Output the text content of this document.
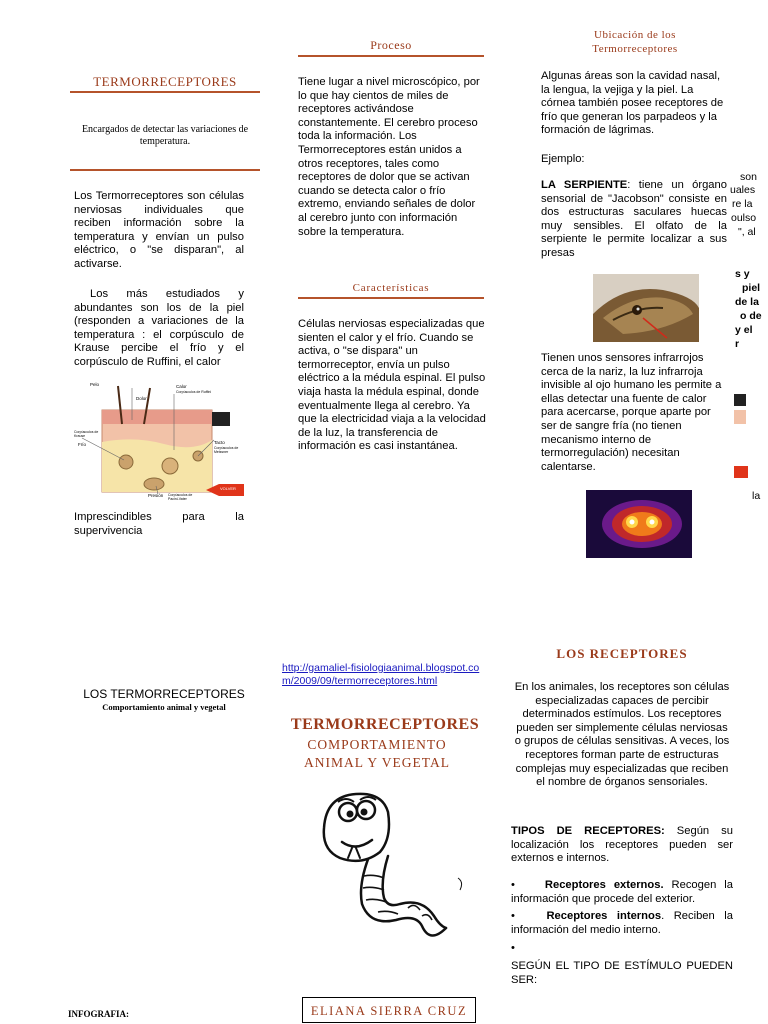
TERMORRECEPTORES
Encargados de detectar las variaciones de temperatura.
Los Termorreceptores son células nerviosas individuales que reciben información sobre la temperatura y envían un pulso eléctrico, o "se disparan", al activarse.
Los más estudiados y abundantes son los de la piel (responden a variaciones de la temperatura : el corpúsculo de Krause percibe el frío y el corpúsculo de Ruffini, el calor
Pelo
Dolor
Calor
Corpúsculos de Ruffini
Frío
Corpúsculos de Krause
Tacto
Corpúsculos de Meissner
Presión Corpúsculos de Pacini-Vater
VOLVER
Imprescindibles para la supervivencia
Proceso
Tiene lugar a nivel microscópico, por lo que hay cientos de miles de receptores activándose constantemente. El cerebro proceso toda la información. Los Termorreceptores están unidos a otros receptores, tales como receptores de dolor que se activan cuando se detecta calor o frío extremo, enviando señales de dolor al cerebro junto con información sobre la temperatura.
Características
Células nerviosas especializadas que sienten el calor y el frío. Cuando se activa, o "se dispara" un termorreceptor, envía un pulso eléctrico a la médula espinal. El pulso viaja hasta la médula espinal, donde eventualmente llega al cerebro. Ya que la electricidad viaja a la velocidad de la luz, la transferencia de información es casi instantánea.
Ubicación de los Termorreceptores
Algunas áreas son la cavidad nasal, la lengua, la vejiga y la piel. La córnea también posee receptores de frío que generan los parpadeos y la formación de lágrimas.
Ejemplo:
LA SERPIENTE: tiene un órgano sensorial de "Jacobson" consiste en dos estructuras saculares huecas muy sensibles. El olfato de la serpiente le permite localizar a sus presas
Tienen unos sensores infrarrojos cerca de la nariz, la luz infrarroja invisible al ojo humano les permite a ellas detectar una fuente de calor para acercarse, porque aparte por ser de sangre fría (no tienen mecanismo interno de termorregulación) necesitan calentarse.
son
uales
re la
oulso
", al
s y
piel
de la
o de
y el
r
la
LOS TERMORRECEPTORES
Comportamiento animal y vegetal
INFOGRAFIA:
http://gamaliel-fisiologiaanimal.blogspot.com/2009/09/termorreceptores.html
TERMORRECEPTORES
COMPORTAMIENTO
ANIMAL Y VEGETAL
ELIANA SIERRA CRUZ
LOS RECEPTORES
En los animales, los receptores son células especializadas capaces de percibir determinados estímulos. Los receptores pueden ser simplemente células nerviosas o grupos de células sensitivas. A veces, los receptores forman parte de estructuras complejas muy especializadas que reciben el nombre de órganos sensoriales.
TIPOS DE RECEPTORES: Según su localización los receptores pueden ser externos e internos.
•	Receptores externos. Recogen la información que procede del exterior.
•	Receptores internos. Reciben la información del medio interno.
•
SEGÚN EL TIPO DE ESTÍMULO PUEDEN SER:
